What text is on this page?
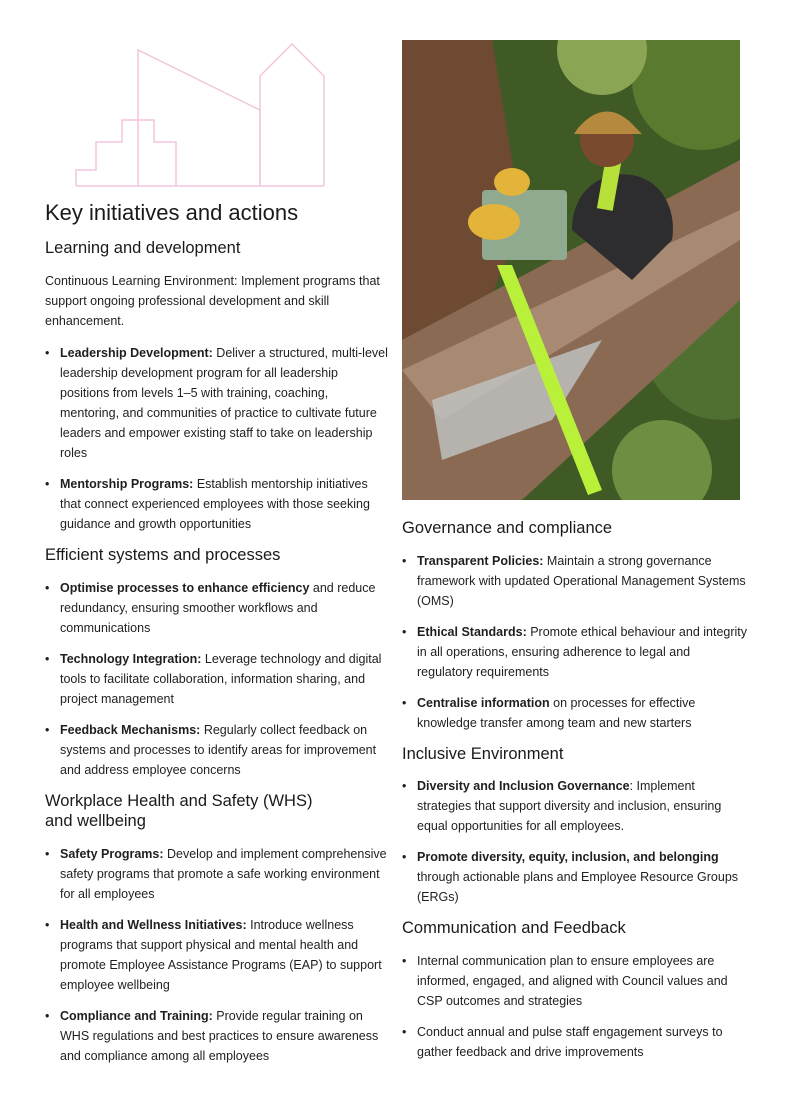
Key initiatives and actions
Learning and development

Continuous Learning Environment: Implement programs that support ongoing professional development and skill enhancement.

• Leadership Development: Deliver a structured, multi-level leadership development program for all leadership positions from levels 1–5 with training, coaching, mentoring, and communities of practice to cultivate future leaders and empower existing staff to take on leadership roles
• Mentorship Programs: Establish mentorship initiatives that connect experienced employees with those seeking guidance and growth opportunities
Efficient systems and processes
• Optimise processes to enhance efficiency and reduce redundancy, ensuring smoother workflows and communications
• Technology Integration: Leverage technology and digital tools to facilitate collaboration, information sharing, and project management
• Feedback Mechanisms: Regularly collect feedback on systems and processes to identify areas for improvement and address employee concerns
Workplace Health and Safety (WHS)
and wellbeing
• Safety Programs: Develop and implement comprehensive safety programs that promote a safe working environment for all employees
• Health and Wellness Initiatives: Introduce wellness programs that support physical and mental health and promote Employee Assistance Programs (EAP) to support employee wellbeing
• Compliance and Training: Provide regular training on WHS regulations and best practices to ensure awareness and compliance among all employees
Governance and compliance
• Transparent Policies: Maintain a strong governance framework with updated Operational Management Systems (OMS)
• Ethical Standards: Promote ethical behaviour and integrity in all operations, ensuring adherence to legal and regulatory requirements
• Centralise information on processes for effective knowledge transfer among team and new starters
Inclusive Environment
• Diversity and Inclusion Governance: Implement strategies that support diversity and inclusion, ensuring equal opportunities for all employees.
• Promote diversity, equity, inclusion, and belonging through actionable plans and Employee Resource Groups (ERGs)
Communication and Feedback
• Internal communication plan to ensure employees are informed, engaged, and aligned with Council values and CSP outcomes and strategies
• Conduct annual and pulse staff engagement surveys to gather feedback and drive improvements
